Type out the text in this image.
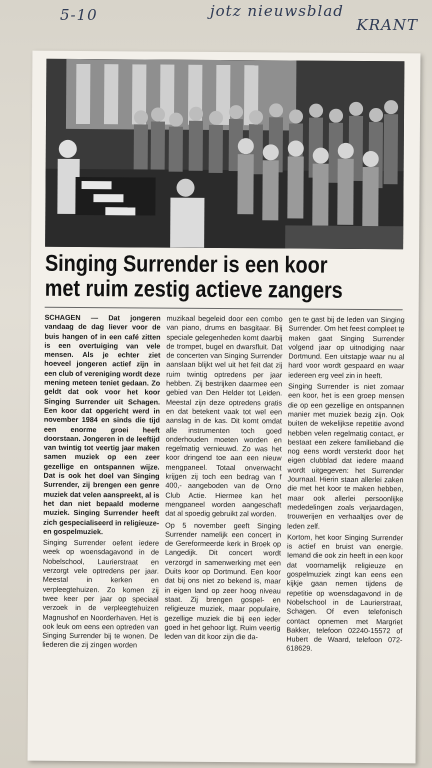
5-10	jotz nieuwsblad
KRANT
Singing Surrender is een koor
met ruim zestig actieve zangers

SCHAGEN — Dat jongeren vandaag de dag liever voor de buis hangen of in een café zitten is een overtuiging van vele mensen. Als je echter ziet hoeveel jongeren actief zijn in een club of vereniging wordt deze mening meteen teniet gedaan. Zo geldt dat ook voor het koor Singing Surrender uit Schagen. Een koor dat opgericht werd in november 1984 en sinds die tijd een enorme groei heeft doorstaan. Jongeren in de leeftijd van twintig tot veertig jaar maken samen muziek op een zeer gezellige en ontspannen wijze. Dat is ook het doel van Singing Surrender, zij brengen een genre muziek dat velen aanspreekt, al is het dan niet bepaald moderne muziek. Singing Surrender heeft zich gespecialiseerd in religieuze- en gospelmuziek.

Singing Surrender oefent iedere week op woensdagavond in de Nobelschool, Laurierstraat en verzorgt vele optredens per jaar. Meestal in kerken en verpleegtehuizen. Zo komen zij twee keer per jaar op speciaal verzoek in de verpleegtehuizen Magnushof en Noorderhaven. Het is ook leuk om eens een optreden van Singing Surrender bij te wonen. De liederen die zij zingen worden

muzikaal begeleid door een combo van piano, drums en basgitaar. Bij speciale gelegenheden komt daarbij de trompet, bugel en dwarsfluit. Dat de concerten van Singing Surrender aanslaan blijkt wel uit het feit dat zij ruim twintig optredens per jaar hebben. Zij bestrijken daarmee een gebied van Den Helder tot Leiden. Meestal zijn deze optredens gratis en dat betekent vaak tot wel een aanslag in de kas. Dit komt omdat alle instrumenten toch goed onderhouden moeten worden en regelmatig vernieuwd. Zo was het koor dringend toe aan een nieuw mengpaneel. Totaal onverwacht krijgen zij toch een bedrag van f 400,- aangeboden van de Orno Club Actie. Hiermee kan het mengpaneel worden aangeschaft dat al spoedig gebruikt zal worden.

Op 5 november geeft Singing Surrender namelijk een concert in de Gereformeerde kerk in Broek op Langedijk. Dit concert wordt verzorgd in samenwerking met een Duits koor op Dortmund. Een koor dat bij ons niet zo bekend is, maar in eigen land op zeer hoog niveau staat. Zij brengen gospel- en religieuze muziek, maar populaire, gezellige muziek die bij een ieder goed in het gehoor ligt. Ruim veertig leden van dit koor zijn die da-

gen te gast bij de leden van Singing Surrender. Om het feest compleet te maken gaat Singing Surrender volgend jaar op uitnodiging naar Dortmund. Een uitstapje waar nu al hard voor wordt gespaard en waar iedereen erg veel zin in heeft.

Singing Surrender is niet zomaar een koor, het is een groep mensen die op een gezellige en ontspannen manier met muziek bezig zijn. Ook buiten de wekelijkse repetitie avond hebben velen regelmatig contact, er bestaat een zekere familieband die nog eens wordt versterkt door het eigen clubblad dat iedere maand wordt uitgegeven: het Surrender Journaal. Hierin staan allerlei zaken die met het koor te maken hebben, maar ook allerlei persoonlijke mededelingen zoals verjaardagen, trouwerijen en verhaaltjes over de leden zelf.

Kortom, het koor Singing Surrender is actief en bruist van energie. Iemand die ook zin heeft in een koor dat voornamelijk religieuze en gospelmuziek zingt kan eens een kijkje gaan nemen tijdens de repetitie op woensdagavond in de Nobelschool in de Laurierstraat, Schagen. Of even telefonisch contact opnemen met Margriet Bakker, telefoon 02240-15572 of Hubert de Waard, telefoon 072-618629.
